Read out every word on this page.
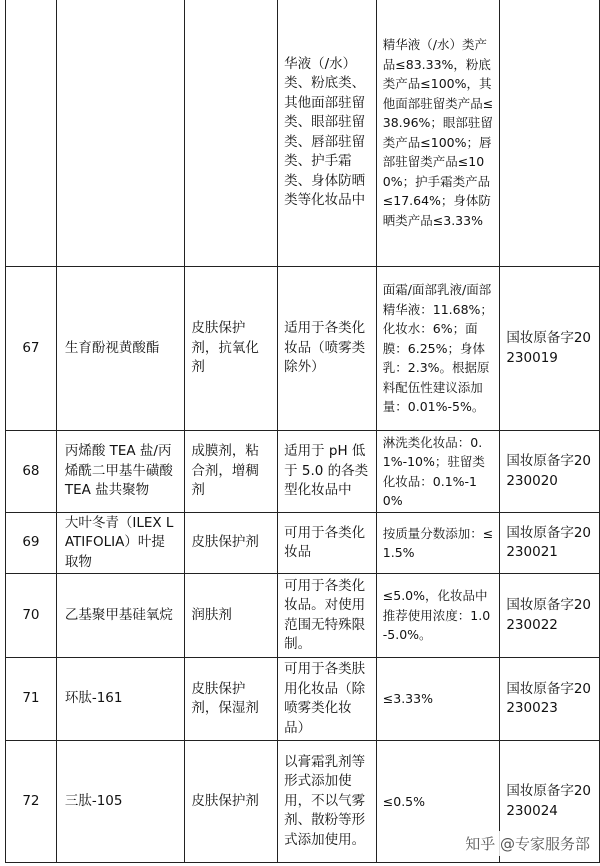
			华液（/水）类、粉底类、其他面部驻留类、眼部驻留类、唇部驻留类、护手霜类、身体防晒类等化妆品中	精华液（/水）类产品≤83.33%，粉底类产品≤100%，其他面部驻留类产品≤38.96%；眼部驻留类产品≤100%；唇部驻留类产品≤100%；护手霜类产品≤17.64%；身体防晒类产品≤3.33%	
67	生育酚视黄酸酯	皮肤保护剂，抗氧化剂	适用于各类化妆品（喷雾类除外）	面霜/面部乳液/面部精华液：11.68%；化妆水：6%；面膜：6.25%；身体乳：2.3%。根据原料配伍性建议添加量：0.01%-5%。	国妆原备字20230019
68	丙烯酸 TEA 盐/丙烯酰二甲基牛磺酸 TEA 盐共聚物	成膜剂，粘合剂，增稠剂	适用于 pH 低于 5.0 的各类型化妆品中	淋洗类化妆品：0.1%-10%；驻留类化妆品：0.1%-10%	国妆原备字20230020
69	大叶冬青（ILEX LATIFOLIA）叶提取物	皮肤保护剂	可用于各类化妆品	按质量分数添加：≤1.5%	国妆原备字20230021
70	乙基聚甲基硅氧烷	润肤剂	可用于各类化妆品。对使用范围无特殊限制。	≤5.0%，化妆品中推荐使用浓度：1.0-5.0%。	国妆原备字20230022
71	环肽-161	皮肤保护剂，保湿剂	可用于各类肤用化妆品（除喷雾类化妆品）	≤3.33%	国妆原备字20230023
72	三肽-105	皮肤保护剂	以膏霜乳剂等形式添加使用，不以气雾剂、散粉等形式添加使用。	≤0.5%	国妆原备字20230024
知乎 @专家服务部
